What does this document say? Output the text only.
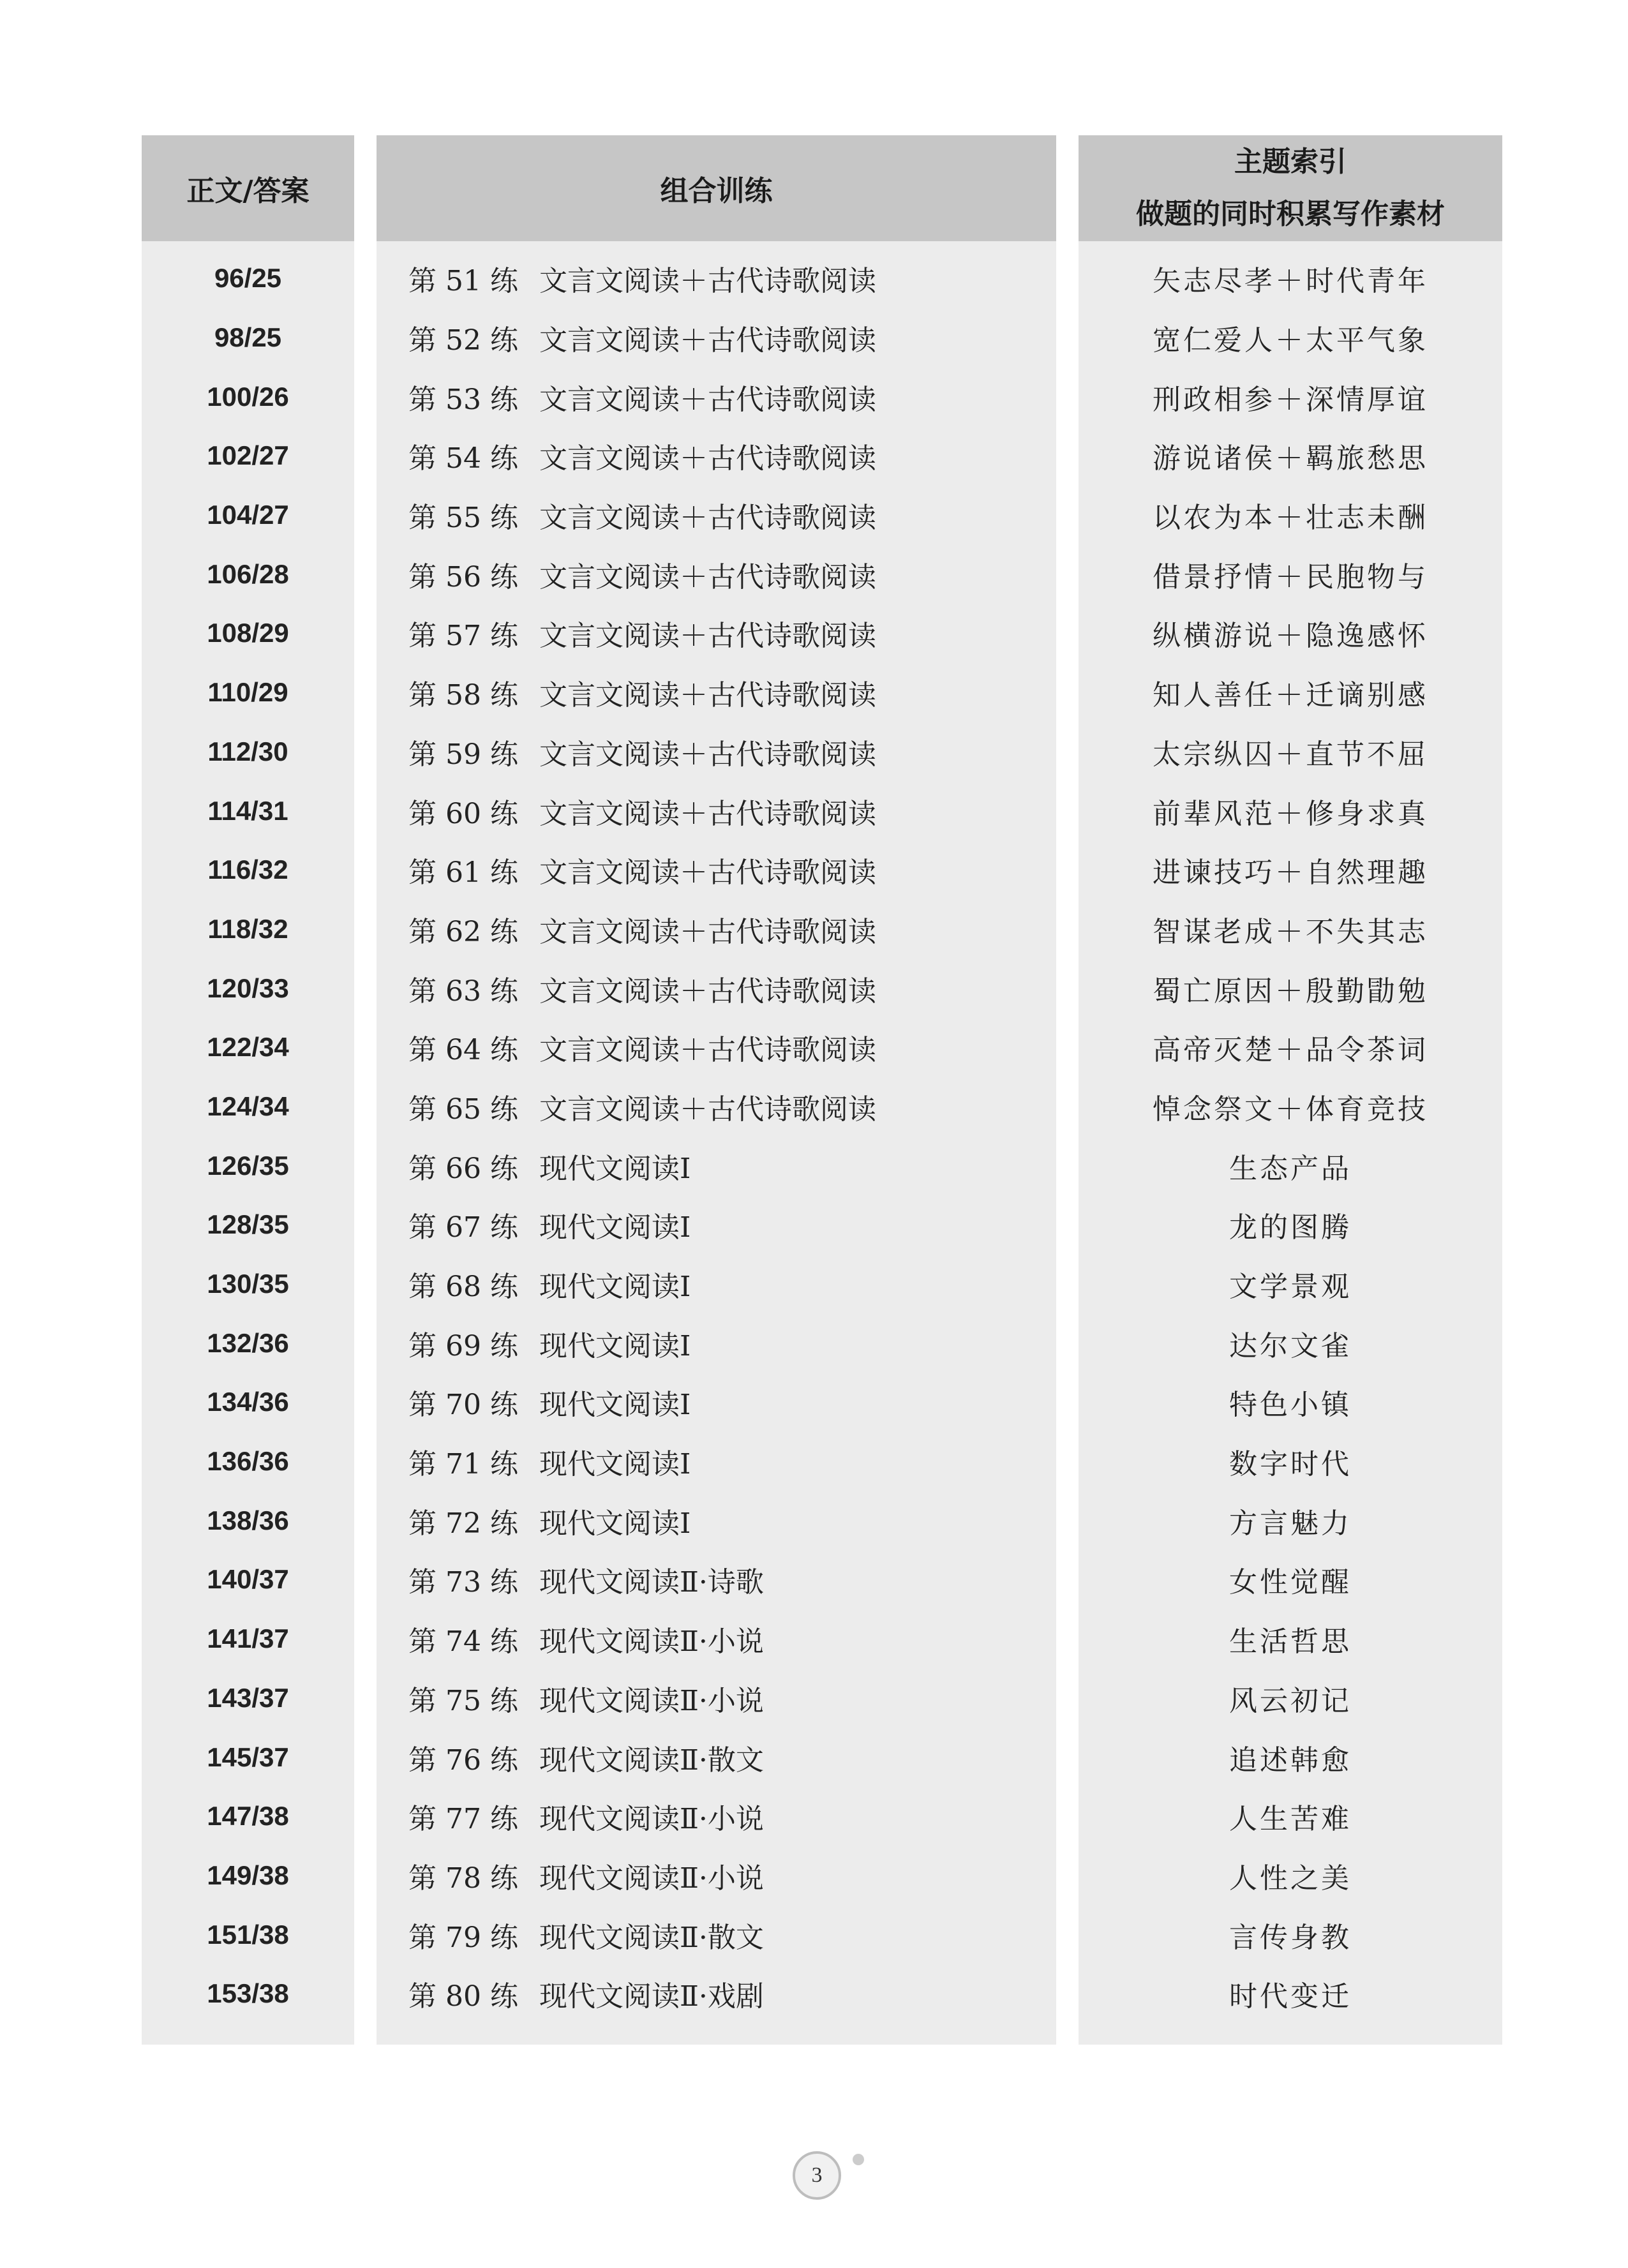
正文/答案
96/25
98/25
100/26
102/27
104/27
106/28
108/29
110/29
112/30
114/31
116/32
118/32
120/33
122/34
124/34
126/35
128/35
130/35
132/36
134/36
136/36
138/36
140/37
141/37
143/37
145/37
147/38
149/38
151/38
153/38
组合训练
第 51 练 文言文阅读＋古代诗歌阅读
第 52 练 文言文阅读＋古代诗歌阅读
第 53 练 文言文阅读＋古代诗歌阅读
第 54 练 文言文阅读＋古代诗歌阅读
第 55 练 文言文阅读＋古代诗歌阅读
第 56 练 文言文阅读＋古代诗歌阅读
第 57 练 文言文阅读＋古代诗歌阅读
第 58 练 文言文阅读＋古代诗歌阅读
第 59 练 文言文阅读＋古代诗歌阅读
第 60 练 文言文阅读＋古代诗歌阅读
第 61 练 文言文阅读＋古代诗歌阅读
第 62 练 文言文阅读＋古代诗歌阅读
第 63 练 文言文阅读＋古代诗歌阅读
第 64 练 文言文阅读＋古代诗歌阅读
第 65 练 文言文阅读＋古代诗歌阅读
第 66 练 现代文阅读Ⅰ
第 67 练 现代文阅读Ⅰ
第 68 练 现代文阅读Ⅰ
第 69 练 现代文阅读Ⅰ
第 70 练 现代文阅读Ⅰ
第 71 练 现代文阅读Ⅰ
第 72 练 现代文阅读Ⅰ
第 73 练 现代文阅读Ⅱ·诗歌
第 74 练 现代文阅读Ⅱ·小说
第 75 练 现代文阅读Ⅱ·小说
第 76 练 现代文阅读Ⅱ·散文
第 77 练 现代文阅读Ⅱ·小说
第 78 练 现代文阅读Ⅱ·小说
第 79 练 现代文阅读Ⅱ·散文
第 80 练 现代文阅读Ⅱ·戏剧
主题索引
做题的同时积累写作素材
矢志尽孝＋时代青年
宽仁爱人＋太平气象
刑政相参＋深情厚谊
游说诸侯＋羁旅愁思
以农为本＋壮志未酬
借景抒情＋民胞物与
纵横游说＋隐逸感怀
知人善任＋迁谪别感
太宗纵囚＋直节不屈
前辈风范＋修身求真
进谏技巧＋自然理趣
智谋老成＋不失其志
蜀亡原因＋殷勤勖勉
高帝灭楚＋品令茶词
悼念祭文＋体育竞技
生态产品
龙的图腾
文学景观
达尔文雀
特色小镇
数字时代
方言魅力
女性觉醒
生活哲思
风云初记
追述韩愈
人生苦难
人性之美
言传身教
时代变迁
3
